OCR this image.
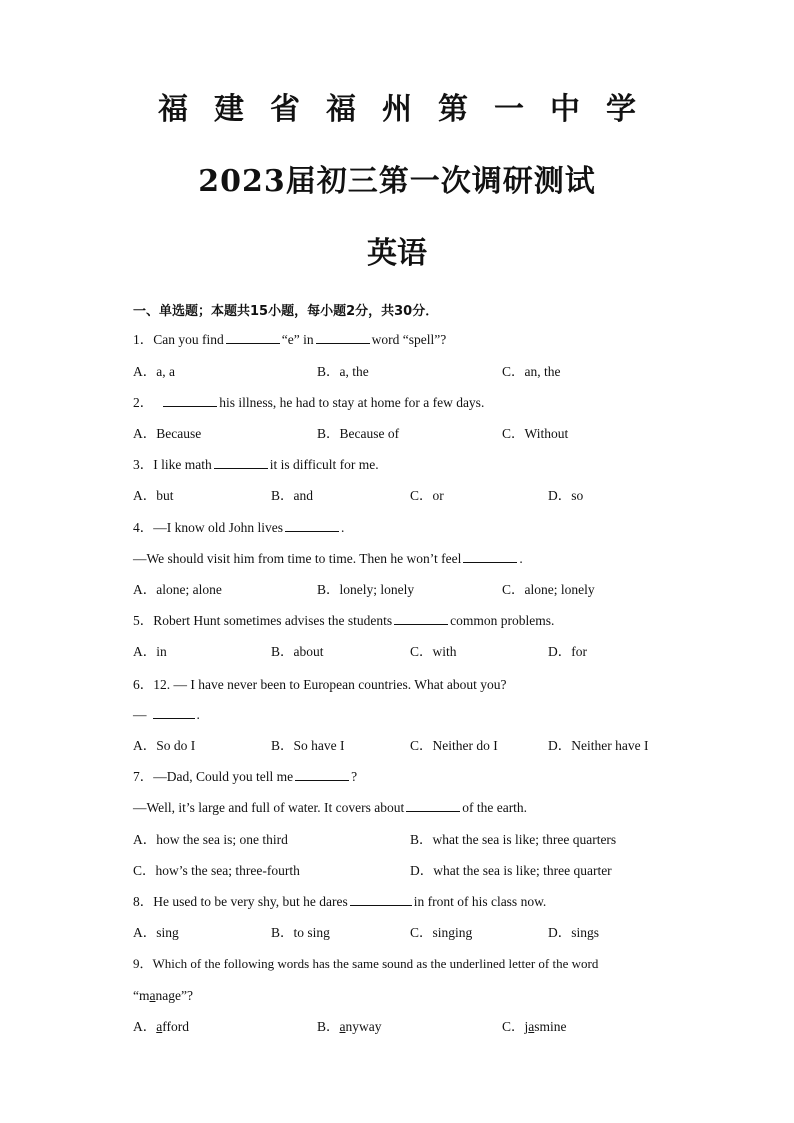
福建省福州第一中学
2023届初三第一次调研测试
英语
一、单选题；本题共15小题，每小题2分，共30分．
1．Can you find	“e” in	word “spell”?
A．a, a	B．a, the	C．an, the
2．	his illness, he had to stay at home for a few days.
A．Because	B．Because of	C．Without
3．I like math	it is difficult for me.
A．but	B．and	C．or	D．so
4．—I know old John lives	.
—We should visit him from time to time. Then he won’t feel	.
A．alone; alone	B．lonely; lonely	C．alone; lonely
5．Robert Hunt sometimes advises the students	common problems.
A．in	B．about	C．with	D．for
6．12. — I have never been to European countries. What about you?
—	.
A．So do I	B．So have I	C．Neither do I	D．Neither have I
7．—Dad, Could you tell me	?
—Well, it’s large and full of water. It covers about	of the earth.
A．how the sea is; one third	B．what the sea is like; three quarters
C．how’s the sea; three-fourth	D．what the sea is like; three quarter
8．He used to be very shy, but he dares	in front of his class now.
A．sing	B．to sing	C．singing	D．sings
9．Which of the following words has the same sound as the underlined letter of the word
“manage”?
A．afford	B．anyway	C．jasmine
